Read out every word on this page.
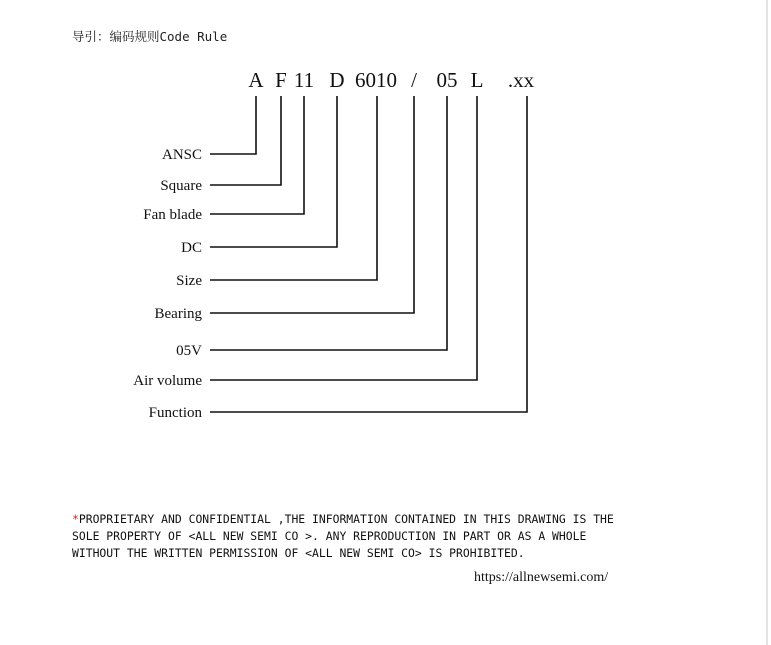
导引：编码规则Code Rule
A F 11 D 6010 / 05 L .xx
ANSC
Square
Fan blade
DC
Size
Bearing
05V
Air volume
Function
*PROPRIETARY AND CONFIDENTIAL ,THE INFORMATION CONTAINED IN THIS DRAWING IS THE
SOLE PROPERTY OF <ALL NEW SEMI CO >. ANY REPRODUCTION IN PART OR AS A WHOLE
WITHOUT THE WRITTEN PERMISSION OF <ALL NEW SEMI CO> IS PROHIBITED.
https://allnewsemi.com/
